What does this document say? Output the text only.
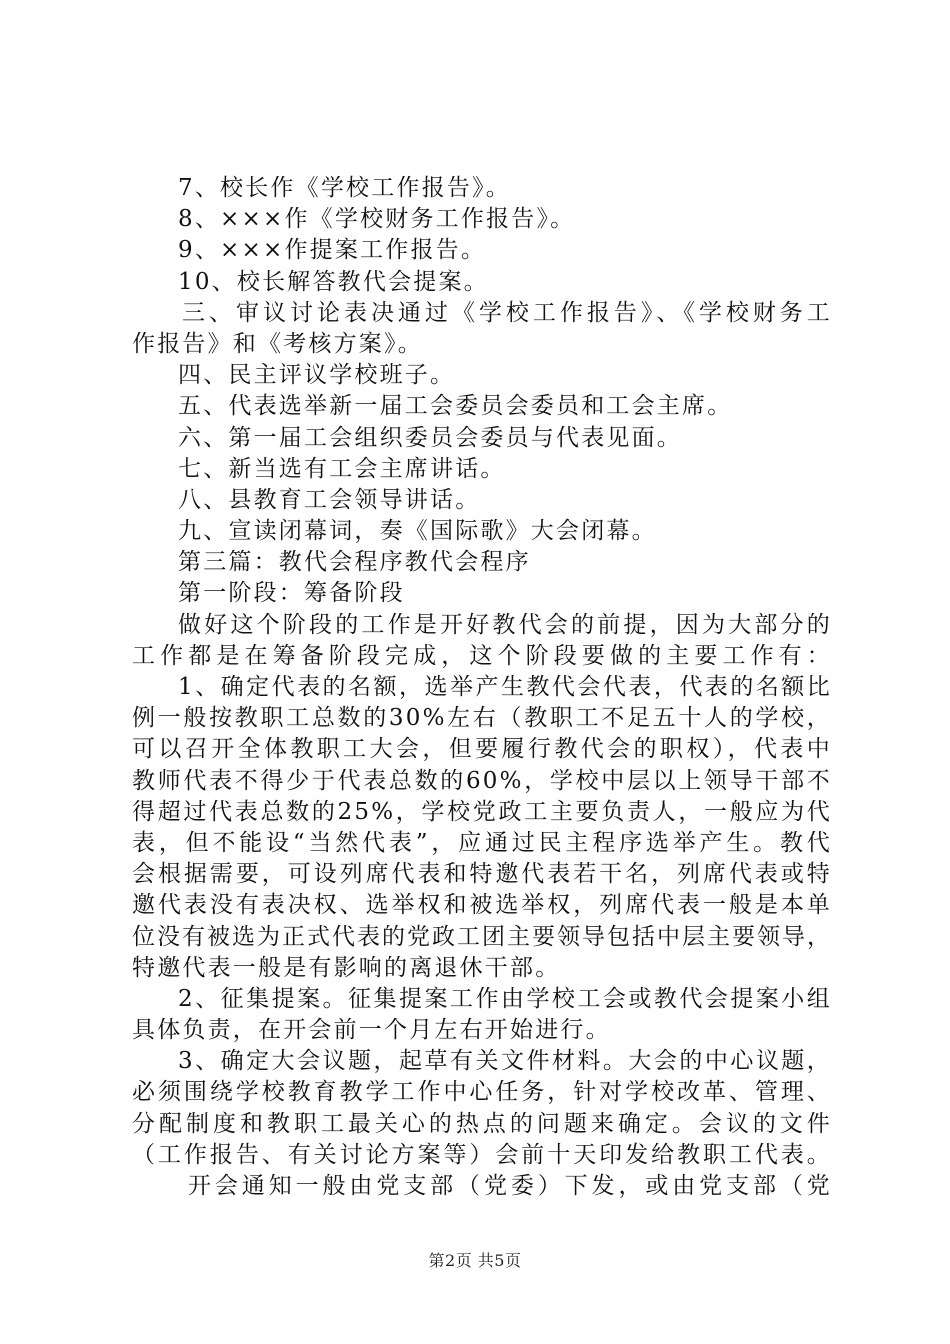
7、校长作《学校工作报告》。
8、×××作《学校财务工作报告》。
9、×××作提案工作报告。
10、校长解答教代会提案。
三、审议讨论表决通过《学校工作报告》、《学校财务工
作报告》和《考核方案》。
四、民主评议学校班子。
五、代表选举新一届工会委员会委员和工会主席。
六、第一届工会组织委员会委员与代表见面。
七、新当选有工会主席讲话。
八、县教育工会领导讲话。
九、宣读闭幕词，奏《国际歌》大会闭幕。
第三篇：教代会程序教代会程序
第一阶段：筹备阶段
做好这个阶段的工作是开好教代会的前提，因为大部分的
工作都是在筹备阶段完成，这个阶段要做的主要工作有：
1、确定代表的名额，选举产生教代会代表，代表的名额比
例一般按教职工总数的30%左右（教职工不足五十人的学校，
可以召开全体教职工大会，但要履行教代会的职权），代表中
教师代表不得少于代表总数的60%，学校中层以上领导干部不
得超过代表总数的25%，学校党政工主要负责人，一般应为代
表，但不能设“当然代表”，应通过民主程序选举产生。教代
会根据需要，可设列席代表和特邀代表若干名，列席代表或特
邀代表没有表决权、选举权和被选举权，列席代表一般是本单
位没有被选为正式代表的党政工团主要领导包括中层主要领导，
特邀代表一般是有影响的离退休干部。
2、征集提案。征集提案工作由学校工会或教代会提案小组
具体负责，在开会前一个月左右开始进行。
3、确定大会议题，起草有关文件材料。大会的中心议题，
必须围绕学校教育教学工作中心任务，针对学校改革、管理、
分配制度和教职工最关心的热点的问题来确定。会议的文件
（工作报告、有关讨论方案等）会前十天印发给教职工代表。
开会通知一般由党支部（党委）下发，或由党支部（党
第2页 共5页
